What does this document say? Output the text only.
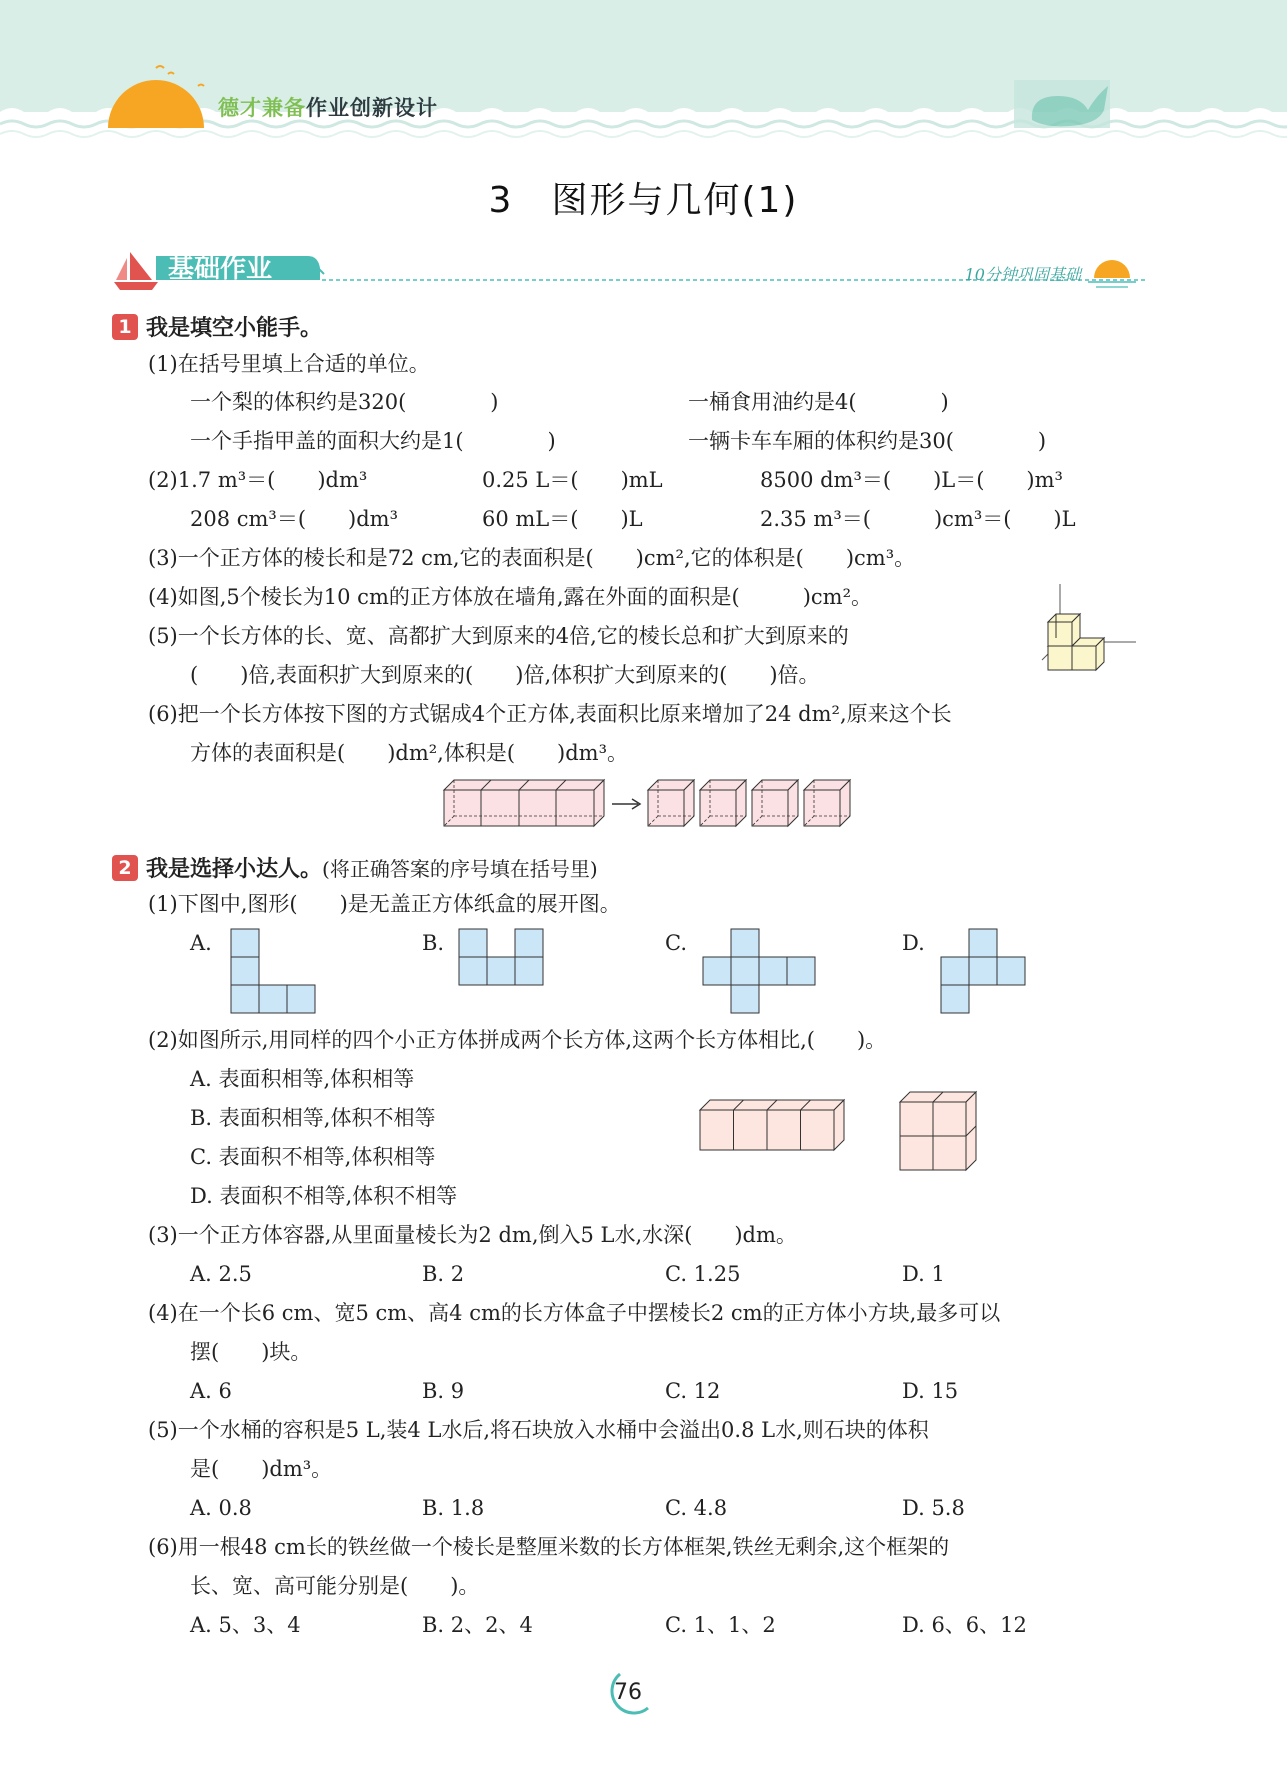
德才兼备作业创新设计
3　图形与几何(1)
基础作业	10分钟巩固基础
1 我是填空小能手。
(1)在括号里填上合适的单位。
一个梨的体积约是320(　　　　)	一桶食用油约是4(　　　　)
一个手指甲盖的面积大约是1(　　　　)	一辆卡车车厢的体积约是30(　　　　)
(2)1.7 m³＝(　　)dm³	0.25 L＝(　　)mL	8500 dm³＝(　　)L＝(　　)m³
208 cm³＝(　　)dm³	60 mL＝(　　)L	2.35 m³＝(　　　)cm³＝(　　)L
(3)一个正方体的棱长和是72 cm,它的表面积是(　　)cm²,它的体积是(　　)cm³。
(4)如图,5个棱长为10 cm的正方体放在墙角,露在外面的面积是(　　　)cm²。
(5)一个长方体的长、宽、高都扩大到原来的4倍,它的棱长总和扩大到原来的
(　　)倍,表面积扩大到原来的(　　)倍,体积扩大到原来的(　　)倍。
(6)把一个长方体按下图的方式锯成4个正方体,表面积比原来增加了24 dm²,原来这个长
方体的表面积是(　　)dm²,体积是(　　)dm³。
2 我是选择小达人。(将正确答案的序号填在括号里)
(1)下图中,图形(　　)是无盖正方体纸盒的展开图。
A.	B.	C.	D.
(2)如图所示,用同样的四个小正方体拼成两个长方体,这两个长方体相比,(　　)。
A. 表面积相等,体积相等
B. 表面积相等,体积不相等
C. 表面积不相等,体积相等
D. 表面积不相等,体积不相等
(3)一个正方体容器,从里面量棱长为2 dm,倒入5 L水,水深(　　)dm。
A. 2.5	B. 2	C. 1.25	D. 1
(4)在一个长6 cm、宽5 cm、高4 cm的长方体盒子中摆棱长2 cm的正方体小方块,最多可以
摆(　　)块。
A. 6	B. 9	C. 12	D. 15
(5)一个水桶的容积是5 L,装4 L水后,将石块放入水桶中会溢出0.8 L水,则石块的体积
是(　　)dm³。
A. 0.8	B. 1.8	C. 4.8	D. 5.8
(6)用一根48 cm长的铁丝做一个棱长是整厘米数的长方体框架,铁丝无剩余,这个框架的
长、宽、高可能分别是(　　)。
A. 5、3、4	B. 2、2、4	C. 1、1、2	D. 6、6、12
76
